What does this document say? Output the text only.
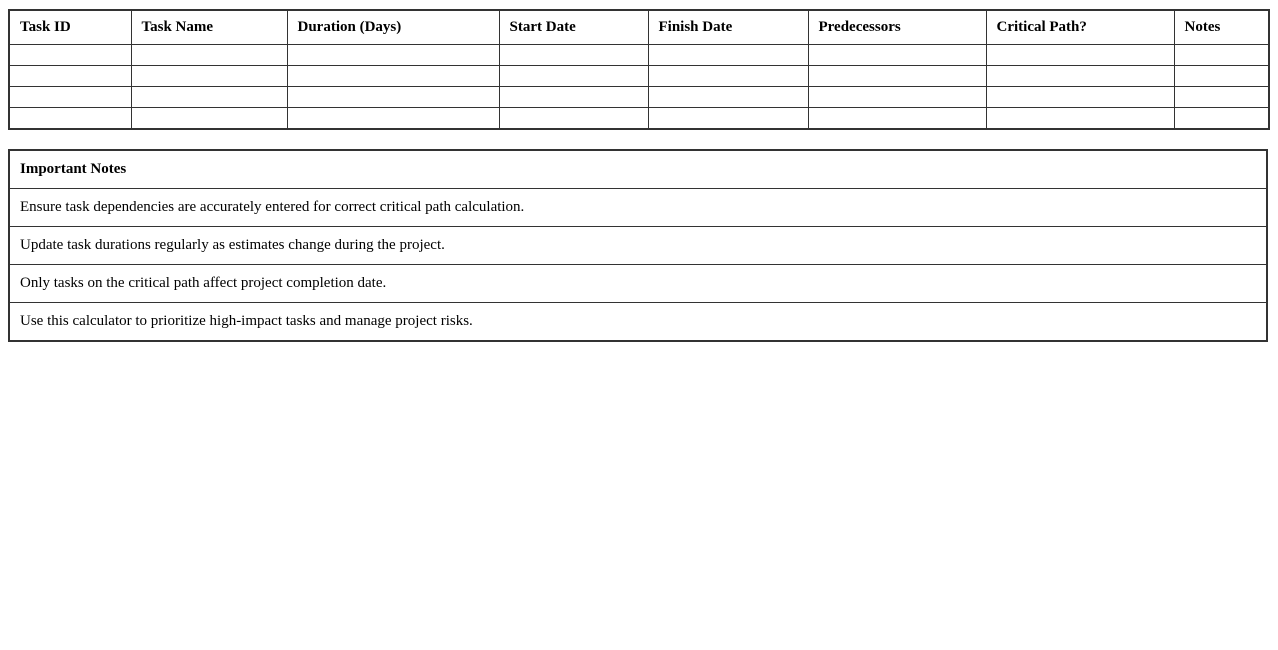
Task ID	Task Name	Duration (Days)	Start Date	Finish Date	Predecessors	Critical Path?	Notes

Important Notes
Ensure task dependencies are accurately entered for correct critical path calculation.
Update task durations regularly as estimates change during the project.
Only tasks on the critical path affect project completion date.
Use this calculator to prioritize high-impact tasks and manage project risks.
